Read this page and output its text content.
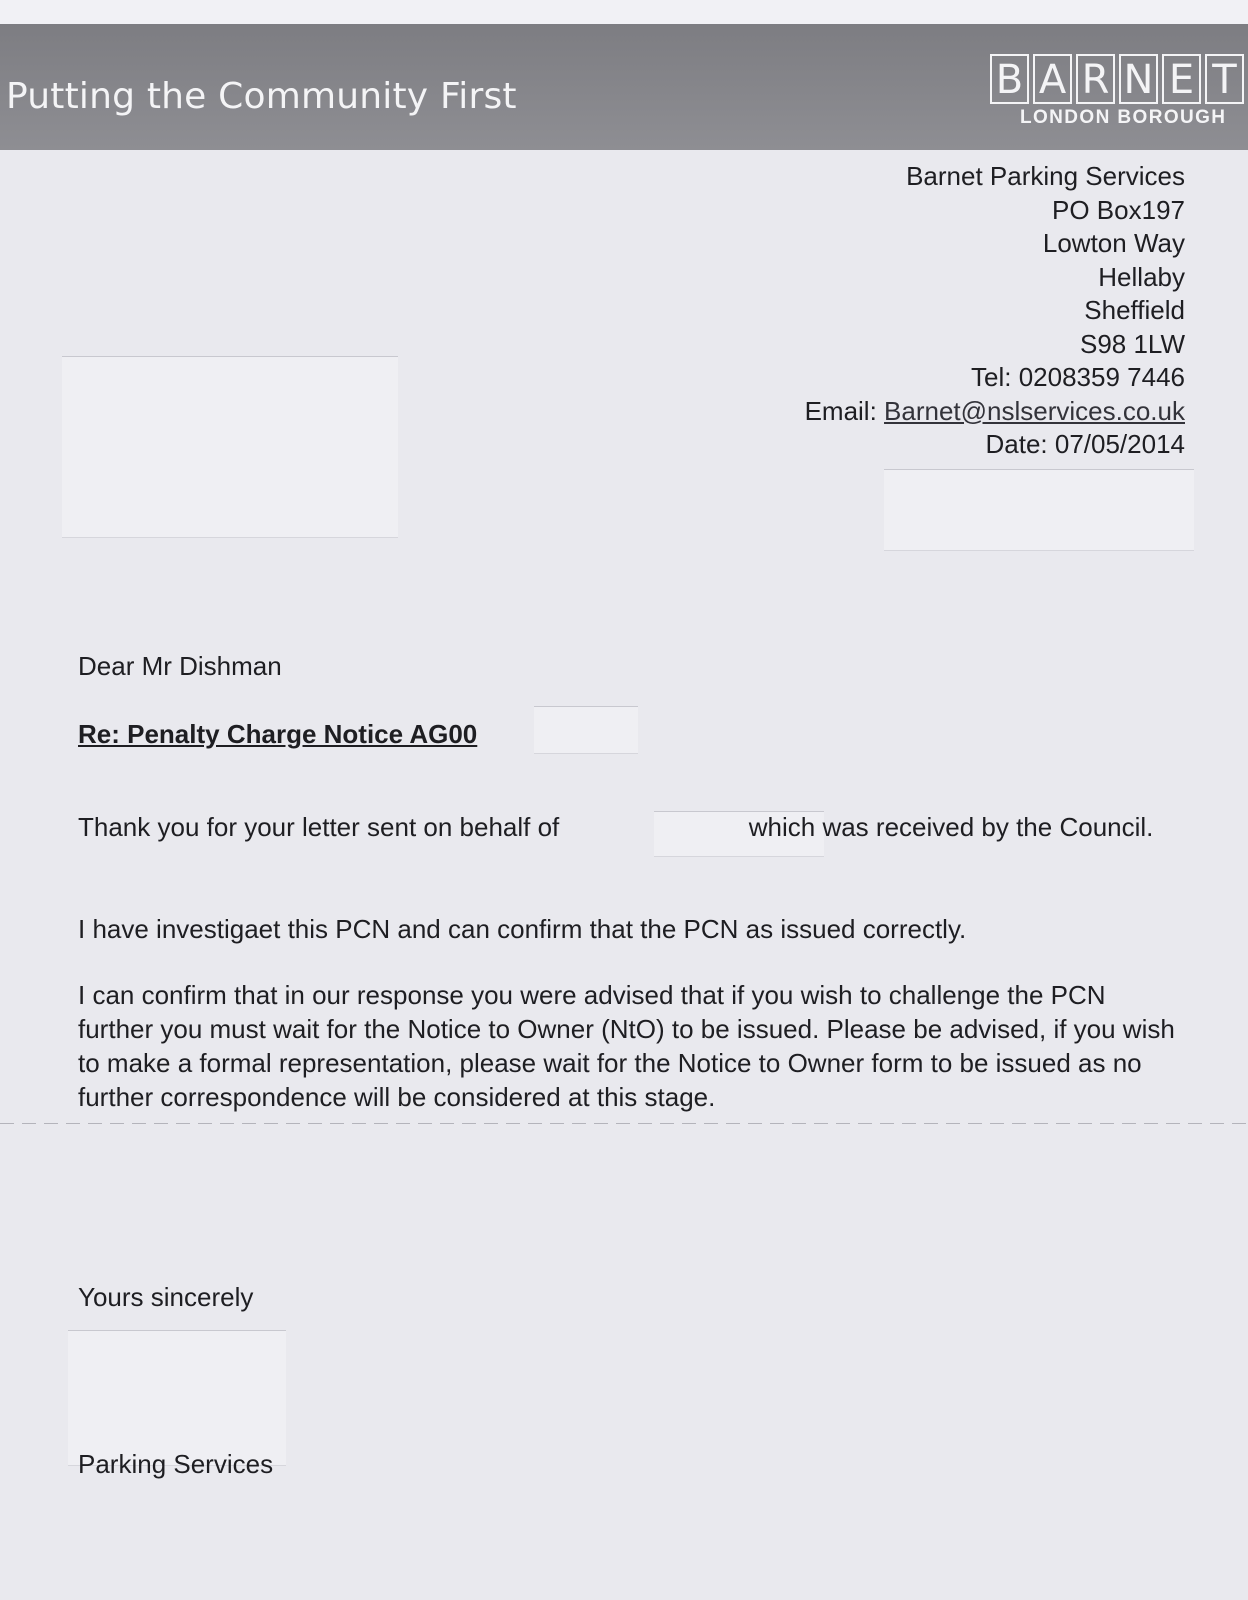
Putting the Community First	B A R N E T
LONDON BOROUGH
Barnet Parking Services
PO Box197
Lowton Way
Hellaby
Sheffield
S98 1LW
Tel: 0208359 7446
Email: Barnet@nslservices.co.uk
Date: 07/05/2014
Dear Mr Dishman
Re: Penalty Charge Notice AG00
Thank you for your letter sent on behalf of	which was received by the Council.
I have investigaet this PCN and can confirm that the PCN as issued correctly.
I can confirm that in our response you were advised that if you wish to challenge the PCN further you must wait for the Notice to Owner (NtO) to be issued. Please be advised, if you wish to make a formal representation, please wait for the Notice to Owner form to be issued as no further correspondence will be considered at this stage.
Yours sincerely
Parking Services
